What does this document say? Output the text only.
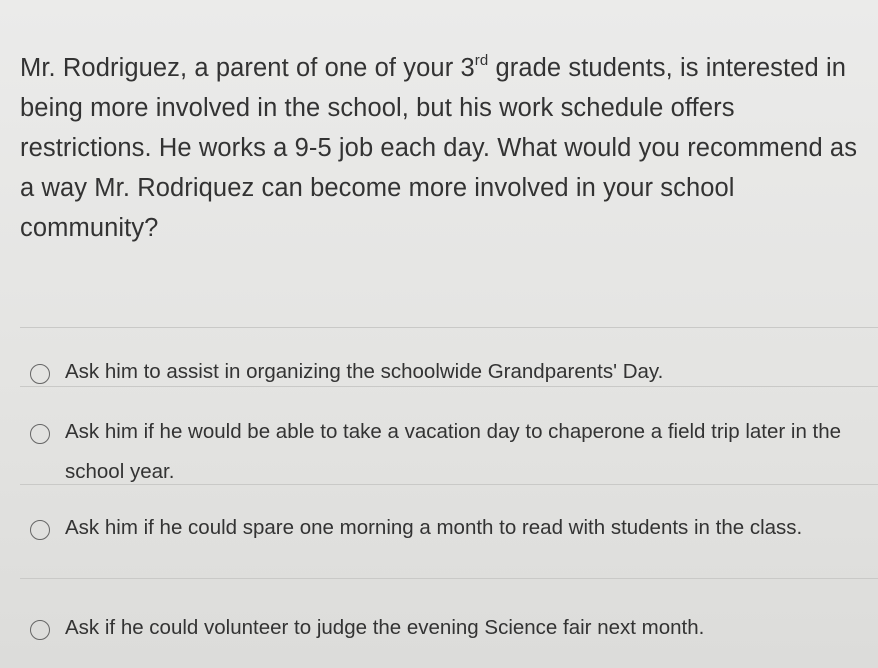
Mr. Rodriguez, a parent of one of your 3rd grade students, is interested in being more involved in the school, but his work schedule offers restrictions. He works a 9-5 job each day. What would you recommend as a way Mr. Rodriquez can become more involved in your school community?
Ask him to assist in organizing the schoolwide Grandparents' Day.
Ask him if he would be able to take a vacation day to chaperone a field trip later in the school year.
Ask him if he could spare one morning a month to read with students in the class.
Ask if he could volunteer to judge the evening Science fair next month.
